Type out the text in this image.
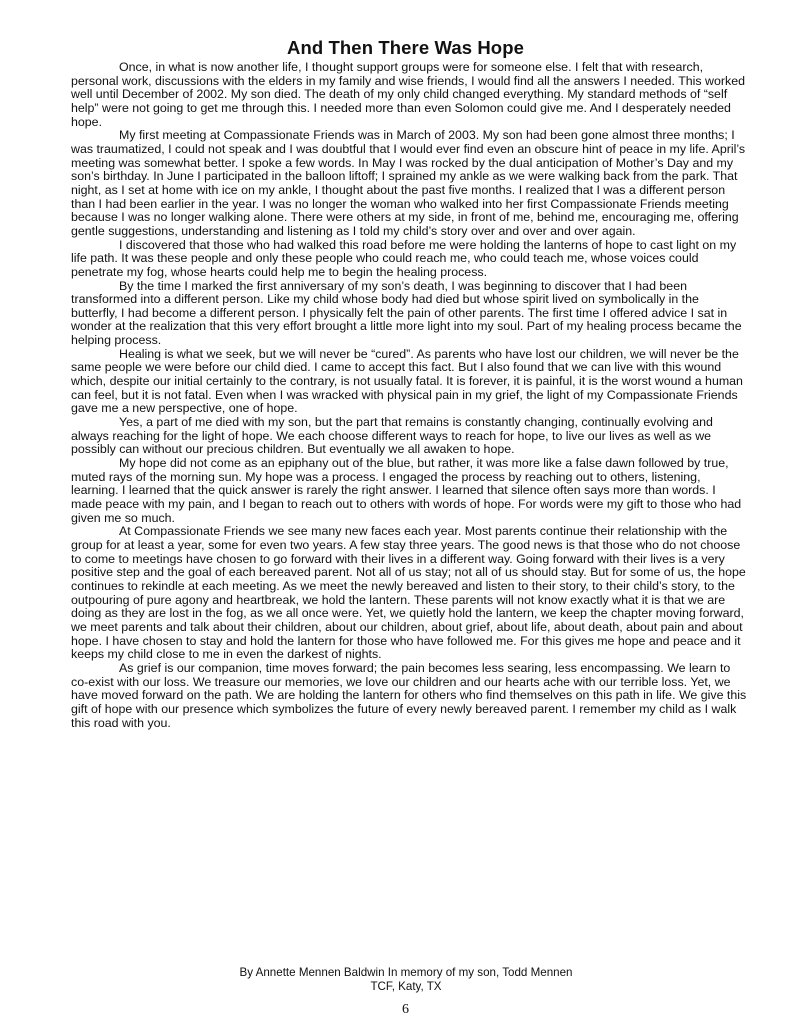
And Then There Was Hope

Once, in what is now another life, I thought support groups were for someone else. I felt that with research, personal work, discussions with the elders in my family and wise friends, I would find all the answers I needed. This worked well until December of 2002. My son died. The death of my only child changed everything. My standard methods of “self help” were not going to get me through this. I needed more than even Solomon could give me. And I desperately needed hope.

My first meeting at Compassionate Friends was in March of 2003. My son had been gone almost three months; I was traumatized, I could not speak and I was doubtful that I would ever find even an obscure hint of peace in my life. April’s meeting was somewhat better. I spoke a few words. In May I was rocked by the dual anticipation of Mother’s Day and my son’s birthday. In June I participated in the balloon liftoff; I sprained my ankle as we were walking back from the park. That night, as I set at home with ice on my ankle, I thought about the past five months. I realized that I was a different person than I had been earlier in the year. I was no longer the woman who walked into her first Compassionate Friends meeting because I was no longer walking alone. There were others at my side, in front of me, behind me, encouraging me, offering gentle suggestions, understanding and listening as I told my child’s story over and over and over again.

I discovered that those who had walked this road before me were holding the lanterns of hope to cast light on my life path. It was these people and only these people who could reach me, who could teach me, whose voices could penetrate my fog, whose hearts could help me to begin the healing process.

By the time I marked the first anniversary of my son’s death, I was beginning to discover that I had been transformed into a different person. Like my child whose body had died but whose spirit lived on symbolically in the butterfly, I had become a different person. I physically felt the pain of other parents. The first time I offered advice I sat in wonder at the realization that this very effort brought a little more light into my soul. Part of my healing process became the helping process.

Healing is what we seek, but we will never be “cured”. As parents who have lost our children, we will never be the same people we were before our child died. I came to accept this fact. But I also found that we can live with this wound which, despite our initial certainly to the contrary, is not usually fatal. It is forever, it is painful, it is the worst wound a human can feel, but it is not fatal. Even when I was wracked with physical pain in my grief, the light of my Compassionate Friends gave me a new perspective, one of hope.

Yes, a part of me died with my son, but the part that remains is constantly changing, continually evolving and always reaching for the light of hope. We each choose different ways to reach for hope, to live our lives as well as we possibly can without our precious children. But eventually we all awaken to hope.

My hope did not come as an epiphany out of the blue, but rather, it was more like a false dawn followed by true, muted rays of the morning sun. My hope was a process. I engaged the process by reaching out to others, listening, learning. I learned that the quick answer is rarely the right answer. I learned that silence often says more than words. I made peace with my pain, and I began to reach out to others with words of hope. For words were my gift to those who had given me so much.

At Compassionate Friends we see many new faces each year. Most parents continue their relationship with the group for at least a year, some for even two years. A few stay three years. The good news is that those who do not choose to come to meetings have chosen to go forward with their lives in a different way. Going forward with their lives is a very positive step and the goal of each bereaved parent. Not all of us stay; not all of us should stay. But for some of us, the hope continues to rekindle at each meeting. As we meet the newly bereaved and listen to their story, to their child’s story, to the outpouring of pure agony and heartbreak, we hold the lantern. These parents will not know exactly what it is that we are doing as they are lost in the fog, as we all once were. Yet, we quietly hold the lantern, we keep the chapter moving forward, we meet parents and talk about their children, about our children, about grief, about life, about death, about pain and about hope. I have chosen to stay and hold the lantern for those who have followed me. For this gives me hope and peace and it keeps my child close to me in even the darkest of nights.

As grief is our companion, time moves forward; the pain becomes less searing, less encompassing. We learn to co-exist with our loss. We treasure our memories, we love our children and our hearts ache with our terrible loss. Yet, we have moved forward on the path. We are holding the lantern for others who find themselves on this path in life. We give this gift of hope with our presence which symbolizes the future of every newly bereaved parent. I remember my child as I walk this road with you.

By Annette Mennen Baldwin In memory of my son, Todd Mennen
TCF, Katy, TX
6
